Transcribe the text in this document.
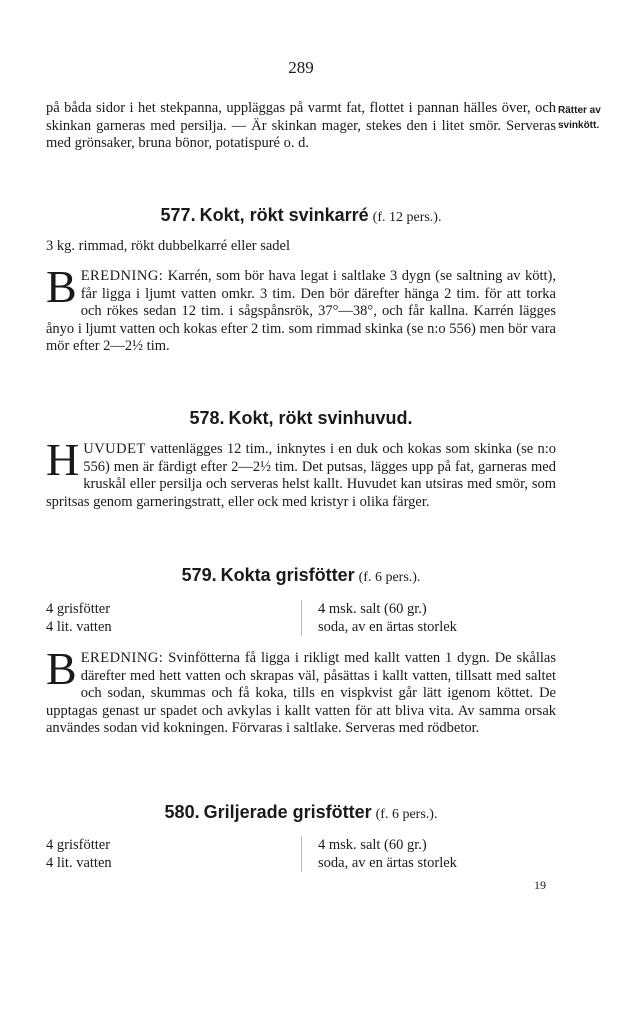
289
på båda sidor i het stekpanna, uppläggas på varmt fat, flottet i pannan hälles över, och skinkan garneras med persilja. — Är skinkan mager, stekes den i litet smör. Serveras med grönsaker, bruna bönor, potatispuré o. d.
577. Kokt, rökt svinkarré (f. 12 pers.).
3 kg. rimmad, rökt dubbelkarré eller sadel
BEREDNING: Karrén, som bör hava legat i saltlake 3 dygn (se saltning av kött), får ligga i ljumt vatten omkr. 3 tim. Den bör därefter hänga 2 tim. för att torka och rökes sedan 12 tim. i sågspånsrök, 37°—38°, och får kallna. Karrén lägges ånyo i ljumt vatten och kokas efter 2 tim. som rimmad skinka (se n:o 556) men bör vara mör efter 2—2½ tim.
578. Kokt, rökt svinhuvud.
HUVUDET vattenlägges 12 tim., inknytes i en duk och kokas som skinka (se n:o 556) men är färdigt efter 2—2½ tim. Det putsas, lägges upp på fat, garneras med kruskål eller persilja och serveras helst kallt. Huvudet kan utsiras med smör, som spritsas genom garneringstratt, eller ock med kristyr i olika färger.
579. Kokta grisfötter (f. 6 pers.).
4 grisfötter
4 lit. vatten
4 msk. salt (60 gr.)
soda, av en ärtas storlek
BEREDNING: Svinfötterna få ligga i rikligt med kallt vatten 1 dygn. De skållas därefter med hett vatten och skrapas väl, påsättas i kallt vatten, tillsatt med saltet och sodan, skummas och få koka, tills en vispkvist går lätt igenom köttet. De upptagas genast ur spadet och avkylas i kallt vatten för att bliva vita. Av samma orsak användes sodan vid kokningen. Förvaras i saltlake. Serveras med rödbetor.
580. Griljerade grisfötter (f. 6 pers.).
4 grisfötter
4 lit. vatten
4 msk. salt (60 gr.)
soda, av en ärtas storlek
19
Rätter av
svinkött.
